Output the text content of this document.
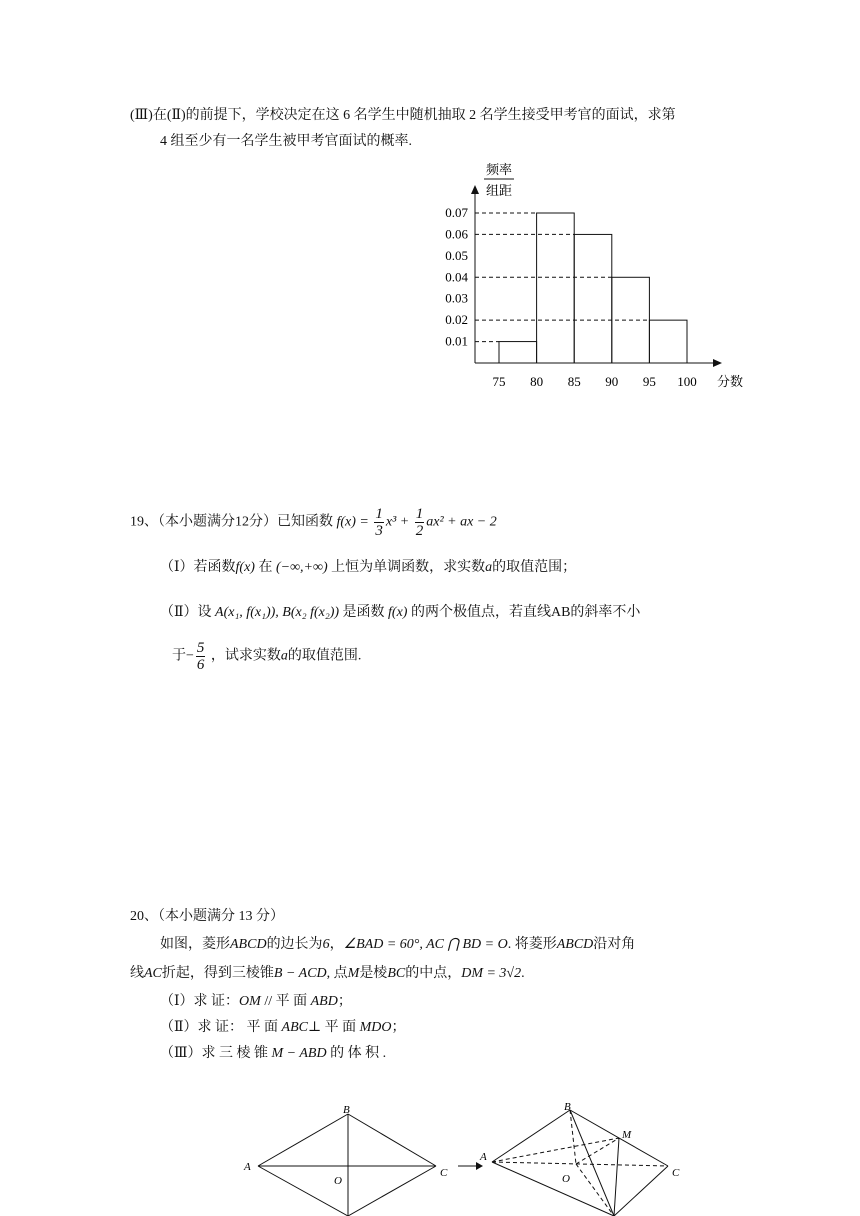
(Ⅲ)在(Ⅱ)的前提下，学校决定在这 6 名学生中随机抽取 2 名学生接受甲考官的面试，求第
4 组至少有一名学生被甲考官面试的概率.
频率
组距
0.07
0.06
0.05
0.04
0.03
0.02
0.01
75 80 85 90 95 100 分数
19、（本小题满分12分）已知函数 $f(x) = \frac{1}{3} x^3 + \frac{1}{2} ax^2$ + ax − 2
（Ⅰ）若函数f(x) 在 (−∞,+∞) 上恒为单调函数，求实数a的取值范围；
（Ⅱ）设 A(x₁, f(x₁)), B(x₂ f(x₂)) 是函数 f(x) 的两个极值点，若直线AB的斜率不小
于− $\frac{5}{6}$ ，试求实数a的取值范围.
20、（本小题满分 13 分）
如图，菱形ABCD的边长为6，∠BAD = 60°, AC ⋂ BD = O. 将菱形ABCD沿对角
线AC折起，得到三棱锥B − ACD, 点M是棱BC的中点，DM = 3√2.
（Ⅰ）求 证：OM // 平 面 ABD；
（Ⅱ）求 证： 平 面 ABC⊥ 平 面 MDO；
（Ⅲ）求 三 棱 锥 M − ABD 的 体 积 .
A
B
C
O
A
B
C
O
M
